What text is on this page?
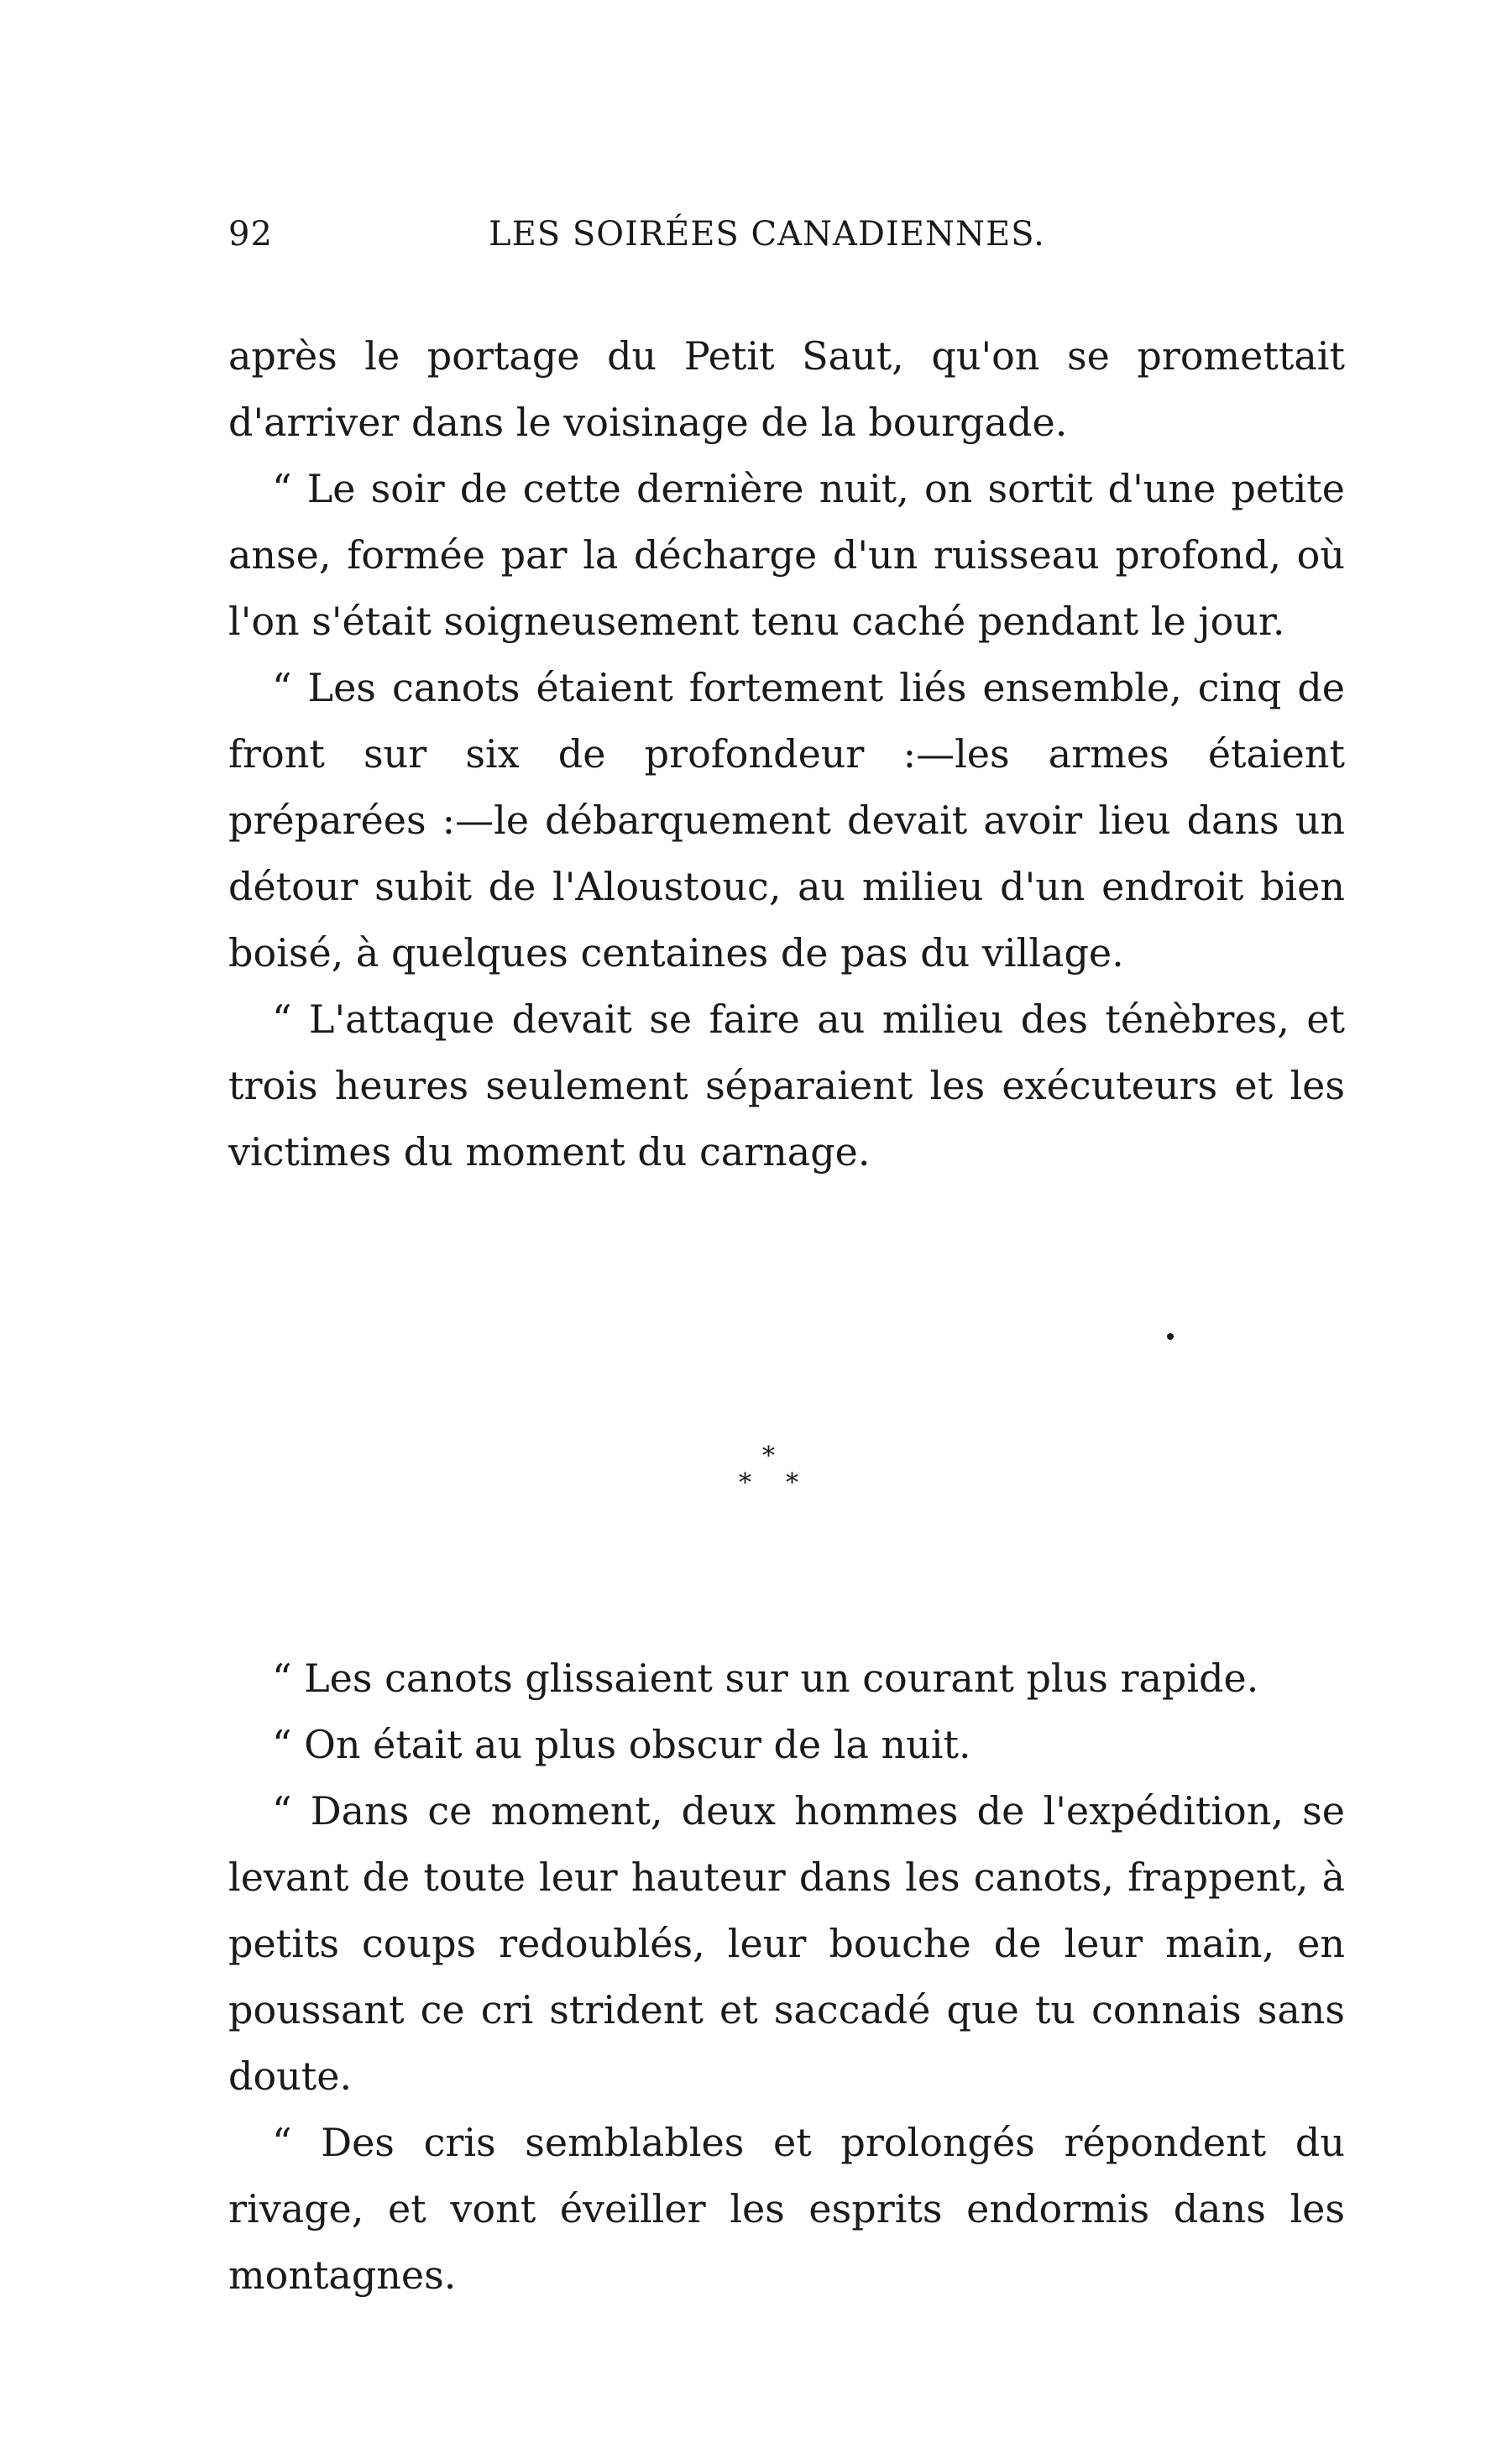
92	LES SOIRÉES CANADIENNES.

après le portage du Petit Saut, qu'on se promettait d'arriver dans le voisinage de la bourgade.

“ Le soir de cette dernière nuit, on sortit d'une petite anse, formée par la décharge d'un ruisseau profond, où l'on s'était soigneusement tenu caché pendant le jour.

“ Les canots étaient fortement liés ensemble, cinq de front sur six de profondeur :—les armes étaient préparées :—le débarquement devait avoir lieu dans un détour subit de l'Aloustouc, au milieu d'un endroit bien boisé, à quelques centaines de pas du village.

“ L'attaque devait se faire au milieu des ténèbres, et trois heures seulement séparaient les exécuteurs et les victimes du moment du carnage.

*
* *

“ Les canots glissaient sur un courant plus rapide.

“ On était au plus obscur de la nuit.

“ Dans ce moment, deux hommes de l'expédition, se levant de toute leur hauteur dans les canots, frappent, à petits coups redoublés, leur bouche de leur main, en poussant ce cri strident et saccadé que tu connais sans doute.

“ Des cris semblables et prolongés répondent du rivage, et vont éveiller les esprits endormis dans les montagnes.
